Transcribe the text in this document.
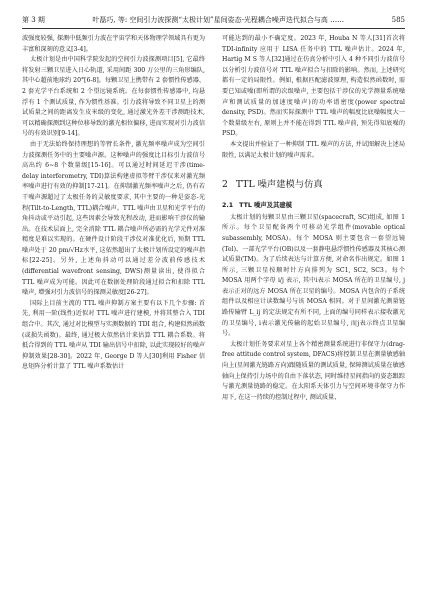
第 3 期	叶磊巧, 等: 空间引力波探测“太极计划”星间姿态-光程耦合噪声迭代拟合与高 ……	585

波强度较强, 探测中低频引力波在宇宙学和天体物理学领域具有更为丰富和深刻的意义[3-4]。

太极计划是由中国科学院发起的空间引力波探测项目[5], 它最终将发射三颗卫星进入日心轨道, 采用间距 300 万公里的三角形编队, 其中心超前地球约 20°[6-8]。每颗卫星上携带有 2 套惯性传感器、2 套光学平台系统和 2 个望远镜系统。在每套惯性传感器中, 均悬浮有 1 个测试质量, 作为惯性基准。引力波将导致不同卫星上的测试质量之间的距离发生皮米级的变化, 通过激光外差干涉测距技术, 可以精确探测到这种位移导致的激光相位偏移, 进而实现对引力波信号的有效识别[9-14]。

由于无法始终保持理想的等臂长条件, 激光频率噪声成为空间引力波探测任务中的主要噪声源。这种噪声的强度比目标引力波信号高出约 6~8 个数量级[15-16]。可以通过时间延迟干涉(time-delay interferometry, TDI)算法构建虚拟等臂干涉仪来对激光频率噪声进行有效的抑制[17-21]。在抑制激光频率噪声之后, 仍有若干噪声源超过了太极任务的灵敏度要求, 其中主要的一种是姿态-光程(Tilt-to-Length, TTL)耦合噪声。TTL 噪声由卫星和光学平台的角抖动或平动引起, 这些因素会导致光程改动, 进而影响干涉仪的输出。在技术层面上, 完全消除 TTL 耦合噪声所必需的光学元件对准精度是难以实现的。在硬件设计阶段干涉仪对准优化后, 预期 TTL 噪声处于 20 pm/√Hz水平, 这依然超出了太极计划所设定的噪声指标[22-25]。另外, 上述角抖动可以通过差分波前传感技术(differential wavefront sensing, DWS)测量读出, 使得拟合 TTL 噪声成为可能。因此可在数据处理阶段通过拟合和扣除 TTL 噪声, 增强对引力波信号的探测灵敏度[26-27]。

国际上目前主流的 TTL 噪声抑制方案主要有以下几个步骤: 首先, 利用一阶(线性)近似对 TTL 噪声进行建模, 并将其整合入 TDI 组合中。其次, 通过对比模型与实测数据的 TDI 组合, 构建似然函数(或损失函数)。最终, 通过极大似然估计来估算 TTL 耦合系数。将抵合得到的 TTL 噪声从 TDI 输出信号中扣除, 以此实现较好的噪声抑制效果[28-30]。2022 年, George D 等人[30]利用 Fisher 信息矩阵分析计算了 TTL 噪声系数估计

可能达到的最小不确定度。2023 年, Houba N 等人[31]首次将 TDI-infinity 应用于 LISA 任务中的 TTL 噪声估计。2024 年, Hartig M S 等人[32]通过在仿真分析中引入 4 种不同引力波信号以分析引力波信号对 TTL 噪声拟合与扣除的影响。然而, 上述研究都有一定的局限性。例如, 根据匹配滤波原理, 构造似然函数时, 需要已知或噪(即所谓的次级噪声, 主要包括干涉仪的光学测量系统噪声和测试质量的加速度噪声)的功率谱密度(power spectral density, PSD)。然而实际探测中 TTL 噪声的幅度比底噪幅度大一个数量级左右, 原则上并不能在得到 TTL 噪声前, 预先得知底噪的 PSD。

本文提出并验证了一种抑制 TTL 噪声的方法, 并试图解决上述局限性, 以满足太极计划的噪声需求。

2 TTL 噪声建模与仿真
2.1 TTL 噪声及其建模

太极计划的每颗卫星由三颗卫星(spacecraft, SC)组成, 如图 1 所示。每个卫星配备两个可移动光学组件(movable optical subassembly, MOSA)。每个 MOSA 则主要包含一套望远镜(Tel)、一部光学平台(OB)以及一套静电悬浮惯性传感器及其核心测试质量(TM)。为了后续表达与计算方便, 对命名作出规定。如图 1 所示, 三颗卫星按顺时针方向排列为 SC1, SC2, SC3。每个 MOSA 用两个字母 i/j 表示, 其中i表示 MOSA 所在的卫星编号, j表示正对的远方 MOSA 所在卫星的编号。MOSA 内包含的子系统组件以及相应计读数编号与该 MOSA 相同。对于星间激光测量链路传输臂 L_ij 的定法规定有所不同, 上面的编号同样表示接收激光的卫星编号, i表示激光传输的起始卫星编号, 而j表示终点卫星编号。

太极计划任务要求对星上各个精密测量系统进行非保守力(drag-free attitude control system, DFACS)将控制卫星在测量敏感轴向上(星间激光链路方向)跟随质量的测试质量, 保障测试质量在敏感轴向上保持引力场中的自由下落状态, 同时维持星间指向的姿态跟踪与激光测量链路的稳定。在太阳系天体引力与空间环境非保守力作用下, 在这一持续的控制过程中, 测试质量、
